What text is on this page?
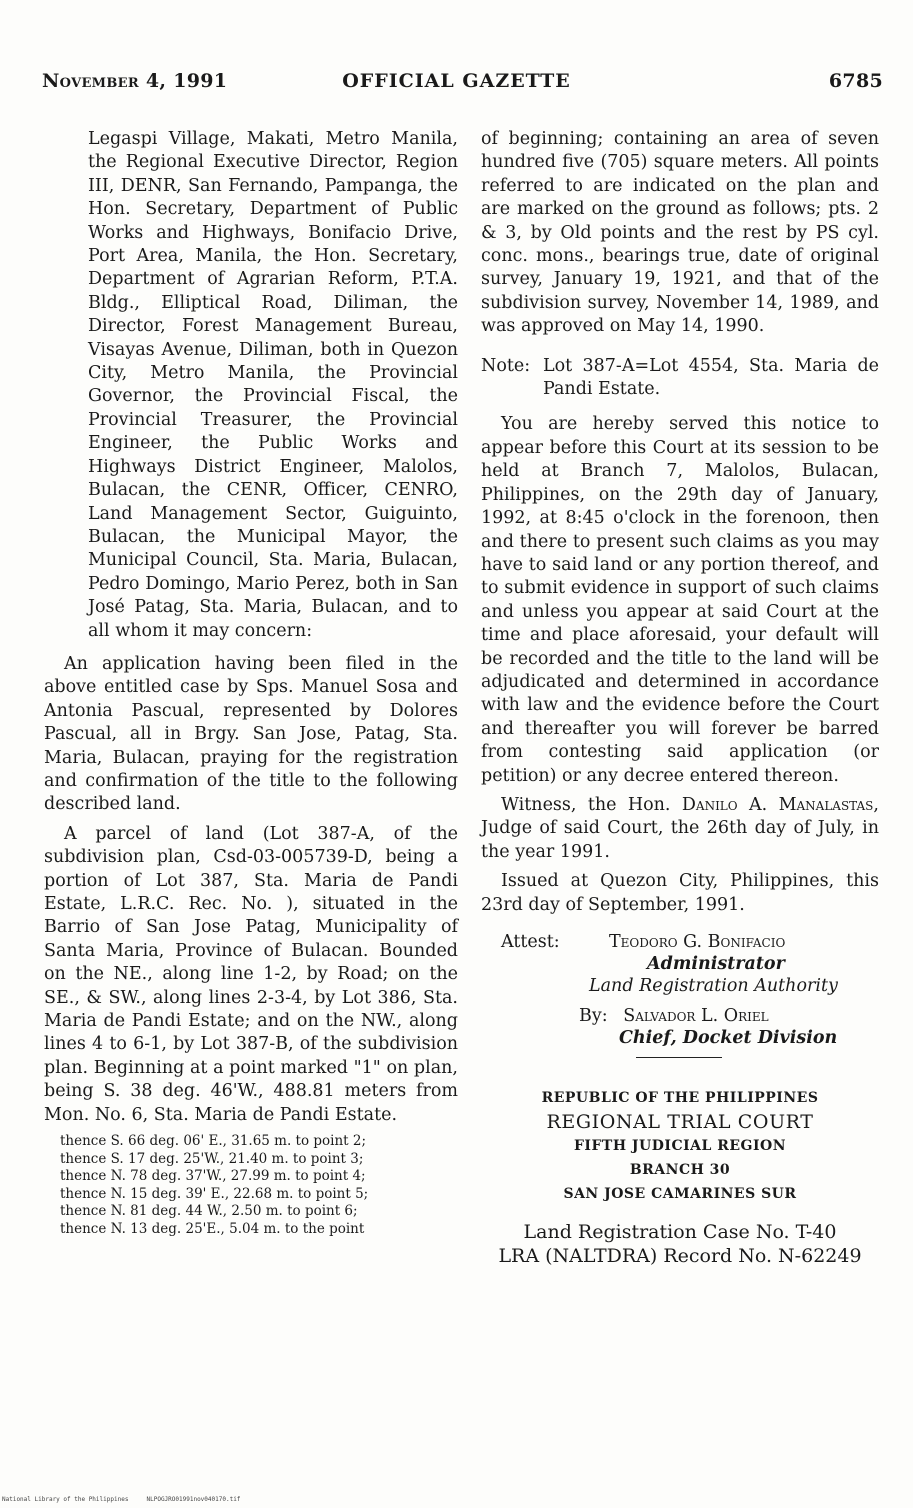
November 4, 1991	OFFICIAL GAZETTE	6785

Legaspi Village, Makati, Metro Manila, the Regional Executive Director, Region III, DENR, San Fernando, Pampanga, the Hon. Secretary, Department of Public Works and Highways, Bonifacio Drive, Port Area, Manila, the Hon. Secretary, Department of Agrarian Reform, P.T.A. Bldg., Elliptical Road, Diliman, the Director, Forest Management Bureau, Visayas Avenue, Diliman, both in Quezon City, Metro Manila, the Provincial Governor, the Provincial Fiscal, the Provincial Treasurer, the Provincial Engineer, the Public Works and Highways District Engineer, Malolos, Bulacan, the CENR, Officer, CENRO, Land Management Sector, Guiguinto, Bulacan, the Municipal Mayor, the Municipal Council, Sta. Maria, Bulacan, Pedro Domingo, Mario Perez, both in San José Patag, Sta. Maria, Bulacan, and to all whom it may concern:

An application having been filed in the above entitled case by Sps. Manuel Sosa and Antonia Pascual, represented by Dolores Pascual, all in Brgy. San Jose, Patag, Sta. Maria, Bulacan, praying for the registration and confirmation of the title to the following described land.

A parcel of land (Lot 387-A, of the subdivision plan, Csd-03-005739-D, being a portion of Lot 387, Sta. Maria de Pandi Estate, L.R.C. Rec. No. ), situated in the Barrio of San Jose Patag, Municipality of Santa Maria, Province of Bulacan. Bounded on the NE., along line 1-2, by Road; on the SE., & SW., along lines 2-3-4, by Lot 386, Sta. Maria de Pandi Estate; and on the NW., along lines 4 to 6-1, by Lot 387-B, of the subdivision plan. Beginning at a point marked "1" on plan, being S. 38 deg. 46'W., 488.81 meters from Mon. No. 6, Sta. Maria de Pandi Estate.

thence S. 66 deg. 06' E., 31.65 m. to point 2;
thence S. 17 deg. 25'W., 21.40 m. to point 3;
thence N. 78 deg. 37'W., 27.99 m. to point 4;
thence N. 15 deg. 39' E., 22.68 m. to point 5;
thence N. 81 deg. 44 W., 2.50 m. to point 6;
thence N. 13 deg. 25'E., 5.04 m. to the point

of beginning; containing an area of seven hundred five (705) square meters. All points referred to are indicated on the plan and are marked on the ground as follows; pts. 2 & 3, by Old points and the rest by PS cyl. conc. mons., bearings true, date of original survey, January 19, 1921, and that of the subdivision survey, November 14, 1989, and was approved on May 14, 1990.

Note: Lot 387-A=Lot 4554, Sta. Maria de Pandi Estate.

You are hereby served this notice to appear before this Court at its session to be held at Branch 7, Malolos, Bulacan, Philippines, on the 29th day of January, 1992, at 8:45 o'clock in the forenoon, then and there to present such claims as you may have to said land or any portion thereof, and to submit evidence in support of such claims and unless you appear at said Court at the time and place aforesaid, your default will be recorded and the title to the land will be adjudicated and determined in accordance with law and the evidence before the Court and thereafter you will forever be barred from contesting said application (or petition) or any decree entered thereon.

Witness, the Hon. Danilo A. Manalastas, Judge of said Court, the 26th day of July, in the year 1991.

Issued at Quezon City, Philippines, this 23rd day of September, 1991.

Attest:	Teodoro G. Bonifacio
Administrator
Land Registration Authority
By: Salvador L. Oriel
Chief, Docket Division
REPUBLIC OF THE PHILIPPINES
REGIONAL TRIAL COURT
FIFTH JUDICIAL REGION
BRANCH 30
SAN JOSE CAMARINES SUR
Land Registration Case No. T-40
LRA (NALTDRA) Record No. N-62249
National Library of the Philippines     NLPOGJRO01991nov040170.tif
